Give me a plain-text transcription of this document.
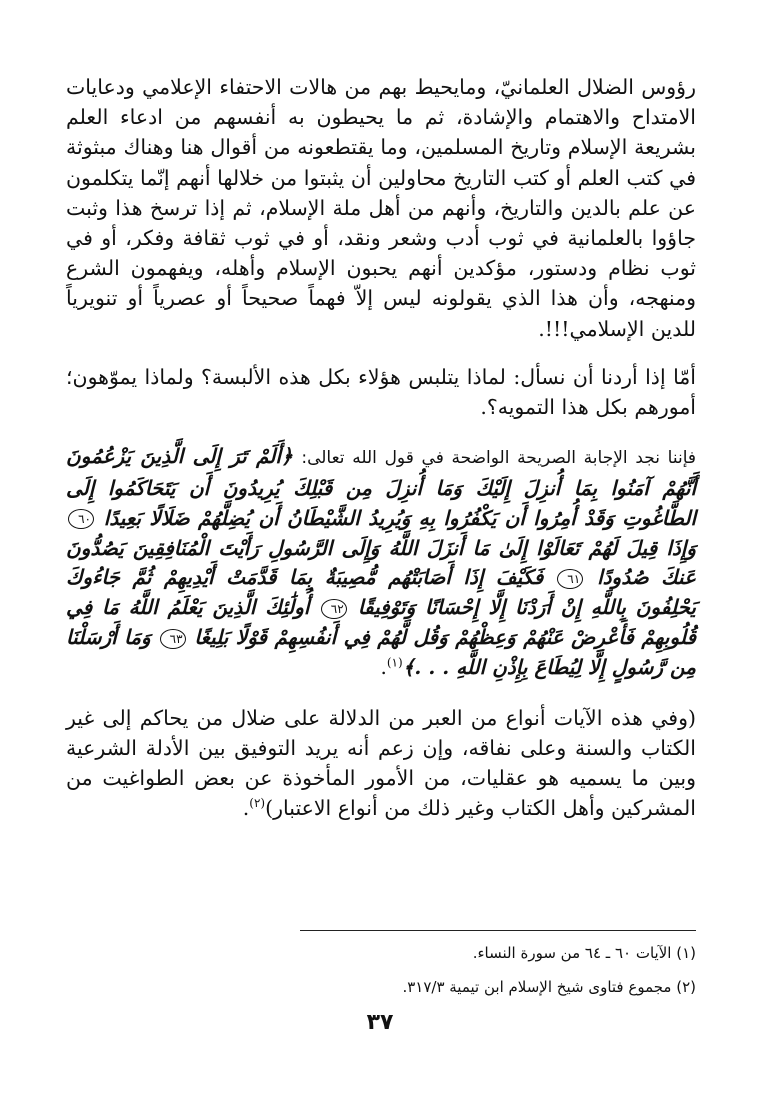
رؤوس الضلال العلمانيّ، ومايحيط بهم من هالات الاحتفاء الإعلامي ودعايات الامتداح والاهتمام والإشادة، ثم ما يحيطون به أنفسهم من ادعاء العلم بشريعة الإسلام وتاريخ المسلمين، وما يقتطعونه من أقوال هنا وهناك مبثوثة في كتب العلم أو كتب التاريخ محاولين أن يثبتوا من خلالها أنهم إنّما يتكلمون عن علم بالدين والتاريخ، وأنهم من أهل ملة الإسلام، ثم إذا ترسخ هذا وثبت جاؤوا بالعلمانية في ثوب أدب وشعر ونقد، أو في ثوب ثقافة وفكر، أو في ثوب نظام ودستور، مؤكدين أنهم يحبون الإسلام وأهله، ويفهمون الشرع ومنهجه، وأن هذا الذي يقولونه ليس إلاّ فهماً صحيحاً أو عصرياً أو تنويرياً للدين الإسلامي!!!.

أمّا إذا أردنا أن نسأل: لماذا يتلبس هؤلاء بكل هذه الألبسة؟ ولماذا يموّهون؛ أمورهم بكل هذا التمويه؟.

فإننا نجد الإجابة الصريحة الواضحة في قول الله تعالى: ﴿أَلَمْ تَرَ إِلَى الَّذِينَ يَزْعُمُونَ أَنَّهُمْ آمَنُوا بِمَا أُنزِلَ إِلَيْكَ وَمَا أُنزِلَ مِن قَبْلِكَ يُرِيدُونَ أَن يَتَحَاكَمُوا إِلَى الطَّاغُوتِ وَقَدْ أُمِرُوا أَن يَكْفُرُوا بِهِ وَيُرِيدُ الشَّيْطَانُ أَن يُضِلَّهُمْ ضَلَالًا بَعِيدًا ٦٠ وَإِذَا قِيلَ لَهُمْ تَعَالَوْا إِلَىٰ مَا أَنزَلَ اللَّهُ وَإِلَى الرَّسُولِ رَأَيْتَ الْمُنَافِقِينَ يَصُدُّونَ عَنكَ صُدُودًا ٦١ فَكَيْفَ إِذَا أَصَابَتْهُم مُّصِيبَةٌ بِمَا قَدَّمَتْ أَيْدِيهِمْ ثُمَّ جَاءُوكَ يَحْلِفُونَ بِاللَّهِ إِنْ أَرَدْنَا إِلَّا إِحْسَانًا وَتَوْفِيقًا ٦٢ أُولَٰئِكَ الَّذِينَ يَعْلَمُ اللَّهُ مَا فِي قُلُوبِهِمْ فَأَعْرِضْ عَنْهُمْ وَعِظْهُمْ وَقُل لَّهُمْ فِي أَنفُسِهِمْ قَوْلًا بَلِيغًا ٦٣ وَمَا أَرْسَلْنَا مِن رَّسُولٍ إِلَّا لِيُطَاعَ بِإِذْنِ اللَّهِ . . .﴾$^{(١)}$.

(وفي هذه الآيات أنواع من العبر من الدلالة على ضلال من يحاكم إلى غير الكتاب والسنة وعلى نفاقه، وإن زعم أنه يريد التوفيق بين الأدلة الشرعية وبين ما يسميه هو عقليات، من الأمور المأخوذة عن بعض الطواغيت من المشركين وأهل الكتاب وغير ذلك من أنواع الاعتبار)$^{(٢)}$.

(١) الآيات ٦٠ ـ ٦٤ من سورة النساء.

(٢) مجموع فتاوى شيخ الإسلام ابن تيمية ٣١٧/٣.

٣٧
